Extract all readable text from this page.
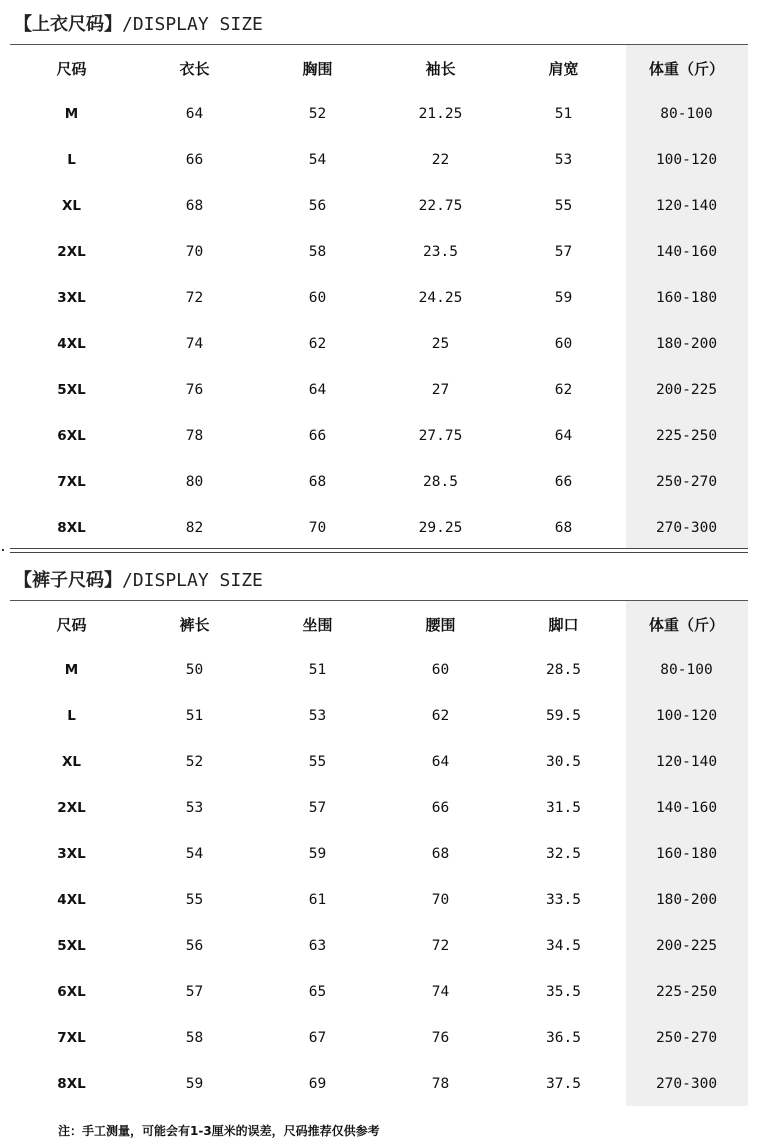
【上衣尺码】/DISPLAY SIZE
尺码	衣长	胸围	袖长	肩宽	体重（斤）
M	64	52	21.25	51	80-100
L	66	54	22	53	100-120
XL	68	56	22.75	55	120-140
2XL	70	58	23.5	57	140-160
3XL	72	60	24.25	59	160-180
4XL	74	62	25	60	180-200
5XL	76	64	27	62	200-225
6XL	78	66	27.75	64	225-250
7XL	80	68	28.5	66	250-270
8XL	82	70	29.25	68	270-300
【裤子尺码】/DISPLAY SIZE
尺码	裤长	坐围	腰围	脚口	体重（斤）
M	50	51	60	28.5	80-100
L	51	53	62	59.5	100-120
XL	52	55	64	30.5	120-140
2XL	53	57	66	31.5	140-160
3XL	54	59	68	32.5	160-180
4XL	55	61	70	33.5	180-200
5XL	56	63	72	34.5	200-225
6XL	57	65	74	35.5	225-250
7XL	58	67	76	36.5	250-270
8XL	59	69	78	37.5	270-300
注：手工测量，可能会有1-3厘米的误差，尺码推荐仅供参考
